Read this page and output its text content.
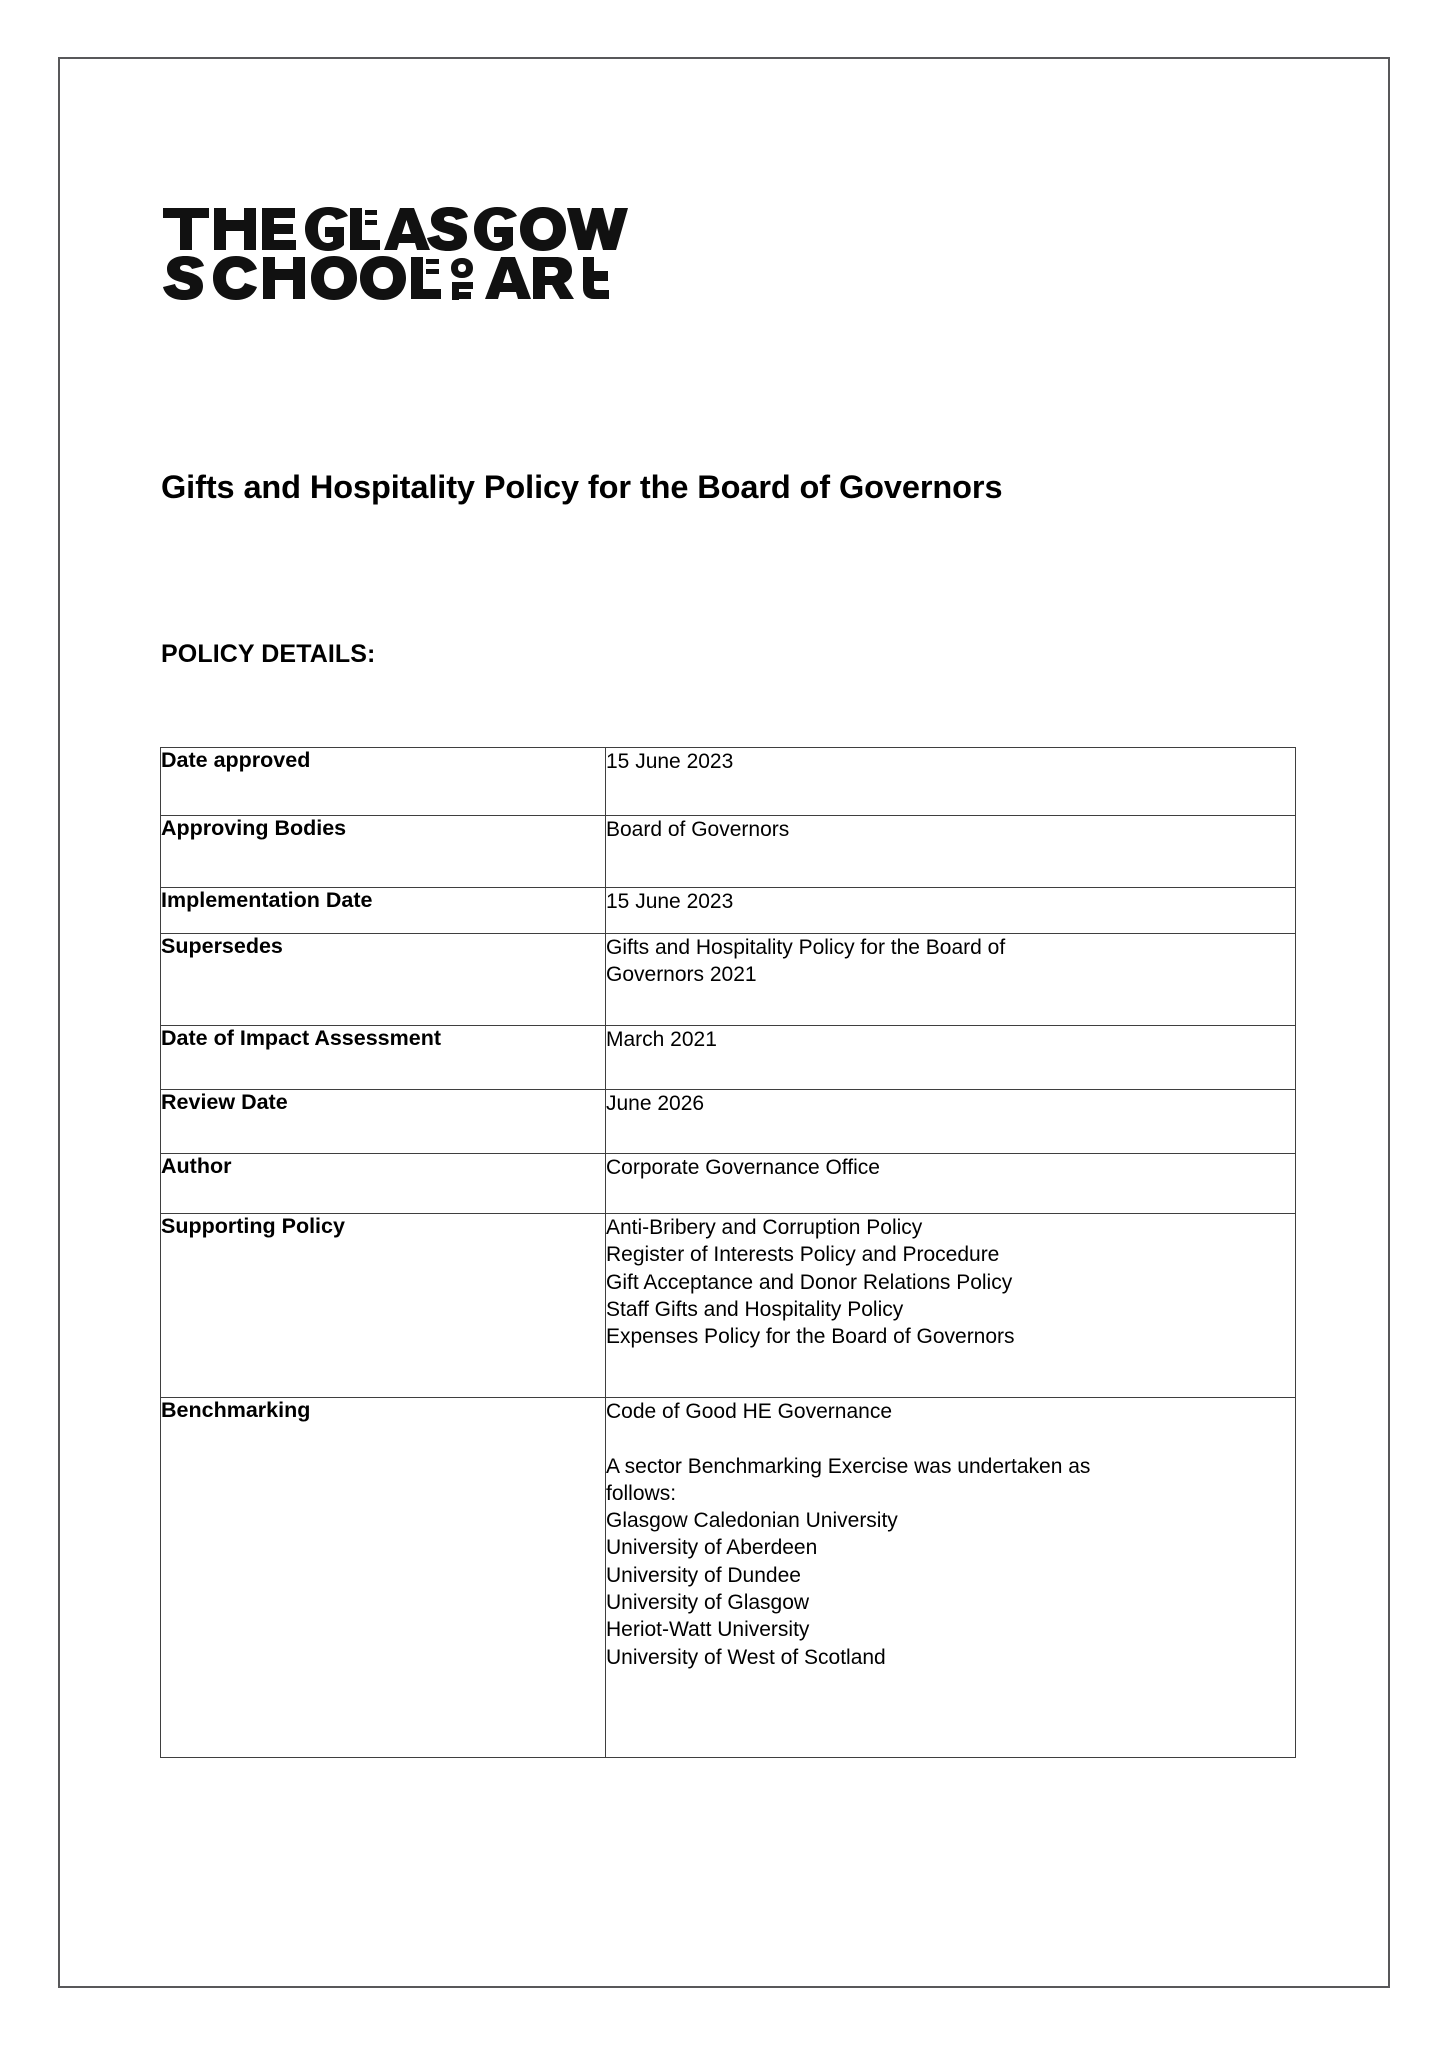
Gifts and Hospitality Policy for the Board of Governors
POLICY DETAILS:
Date approved	15 June 2023

Approving Bodies	Board of Governors

Implementation Date	15 June 2023

Supersedes	Gifts and Hospitality Policy for the Board of
Governors 2021

Date of Impact Assessment	March 2021

Review Date	June 2026

Author	Corporate Governance Office

Supporting Policy	Anti-Bribery and Corruption Policy
Register of Interests Policy and Procedure
Gift Acceptance and Donor Relations Policy
Staff Gifts and Hospitality Policy
Expenses Policy for the Board of Governors

Benchmarking	Code of Good HE Governance
A sector Benchmarking Exercise was undertaken as
follows:
Glasgow Caledonian University
University of Aberdeen
University of Dundee
University of Glasgow
Heriot-Watt University
University of West of Scotland
